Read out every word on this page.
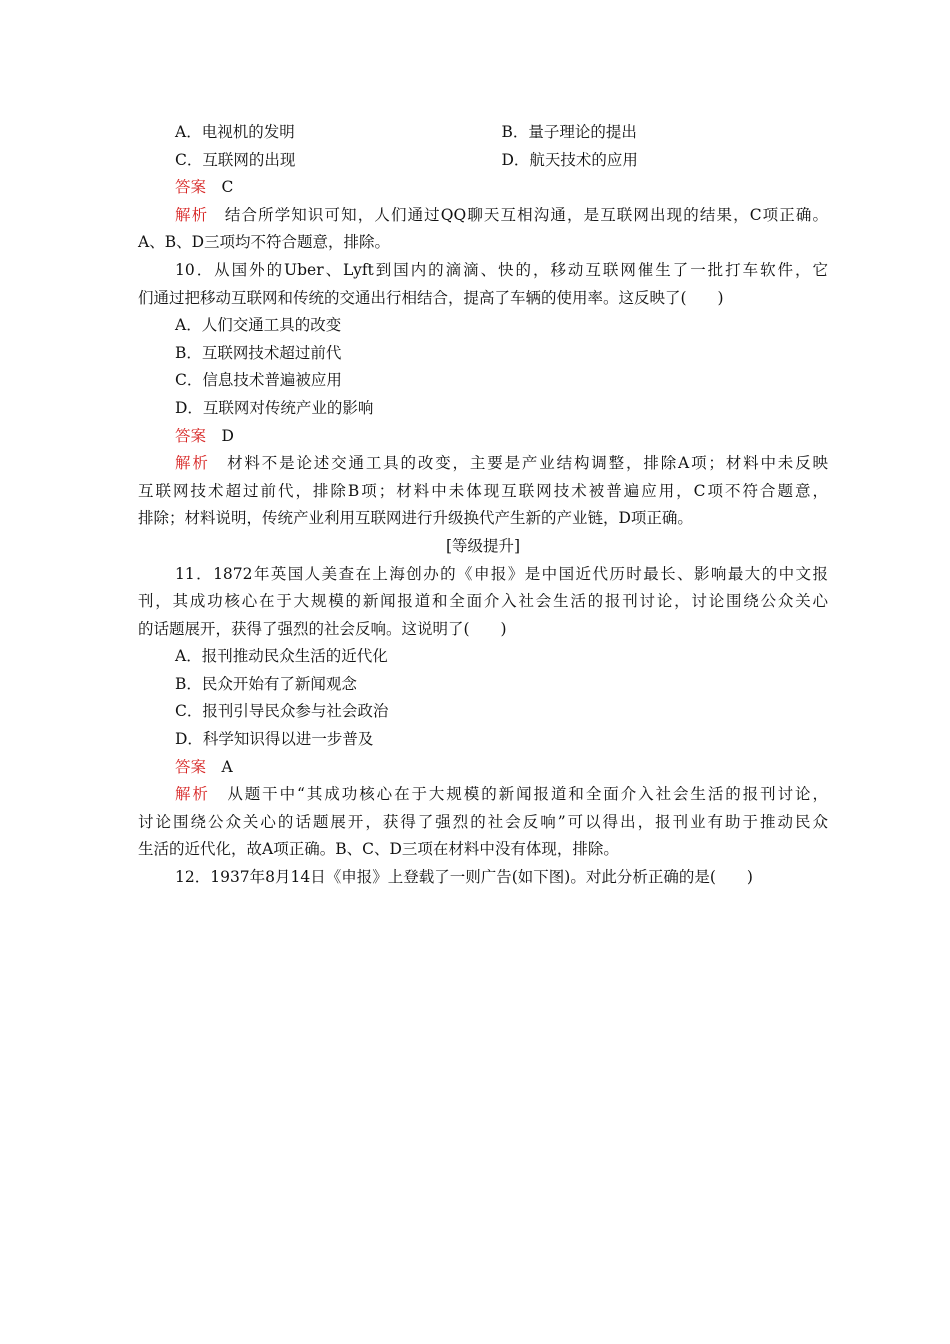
A．电视机的发明	B．量子理论的提出
C．互联网的出现	D．航天技术的应用
答案　 C
解析　 结合所学知识可知，人们通过QQ聊天互相沟通，是互联网出现的结果，C项正确。
A、B、D三项均不符合题意，排除。
10．从国外的Uber、Lyft到国内的滴滴、快的，移动互联网催生了一批打车软件，它
们通过把移动互联网和传统的交通出行相结合，提高了车辆的使用率。这反映了(　　)
A．人们交通工具的改变
B．互联网技术超过前代
C．信息技术普遍被应用
D．互联网对传统产业的影响
答案　 D
解析　 材料不是论述交通工具的改变，主要是产业结构调整，排除A项；材料中未反映
互联网技术超过前代，排除B项；材料中未体现互联网技术被普遍应用，C项不符合题意，
排除；材料说明，传统产业利用互联网进行升级换代产生新的产业链，D项正确。
[等级提升]
11．1872年英国人美查在上海创办的《申报》是中国近代历时最长、影响最大的中文报
刊，其成功核心在于大规模的新闻报道和全面介入社会生活的报刊讨论，讨论围绕公众关心
的话题展开，获得了强烈的社会反响。这说明了(　　)
A．报刊推动民众生活的近代化
B．民众开始有了新闻观念
C．报刊引导民众参与社会政治
D．科学知识得以进一步普及
答案　 A
解析　 从题干中“其成功核心在于大规模的新闻报道和全面介入社会生活的报刊讨论，
讨论围绕公众关心的话题展开，获得了强烈的社会反响”可以得出，报刊业有助于推动民众
生活的近代化，故A项正确。B、C、D三项在材料中没有体现，排除。
12．1937年8月14日《申报》上登载了一则广告(如下图)。对此分析正确的是(　　)
